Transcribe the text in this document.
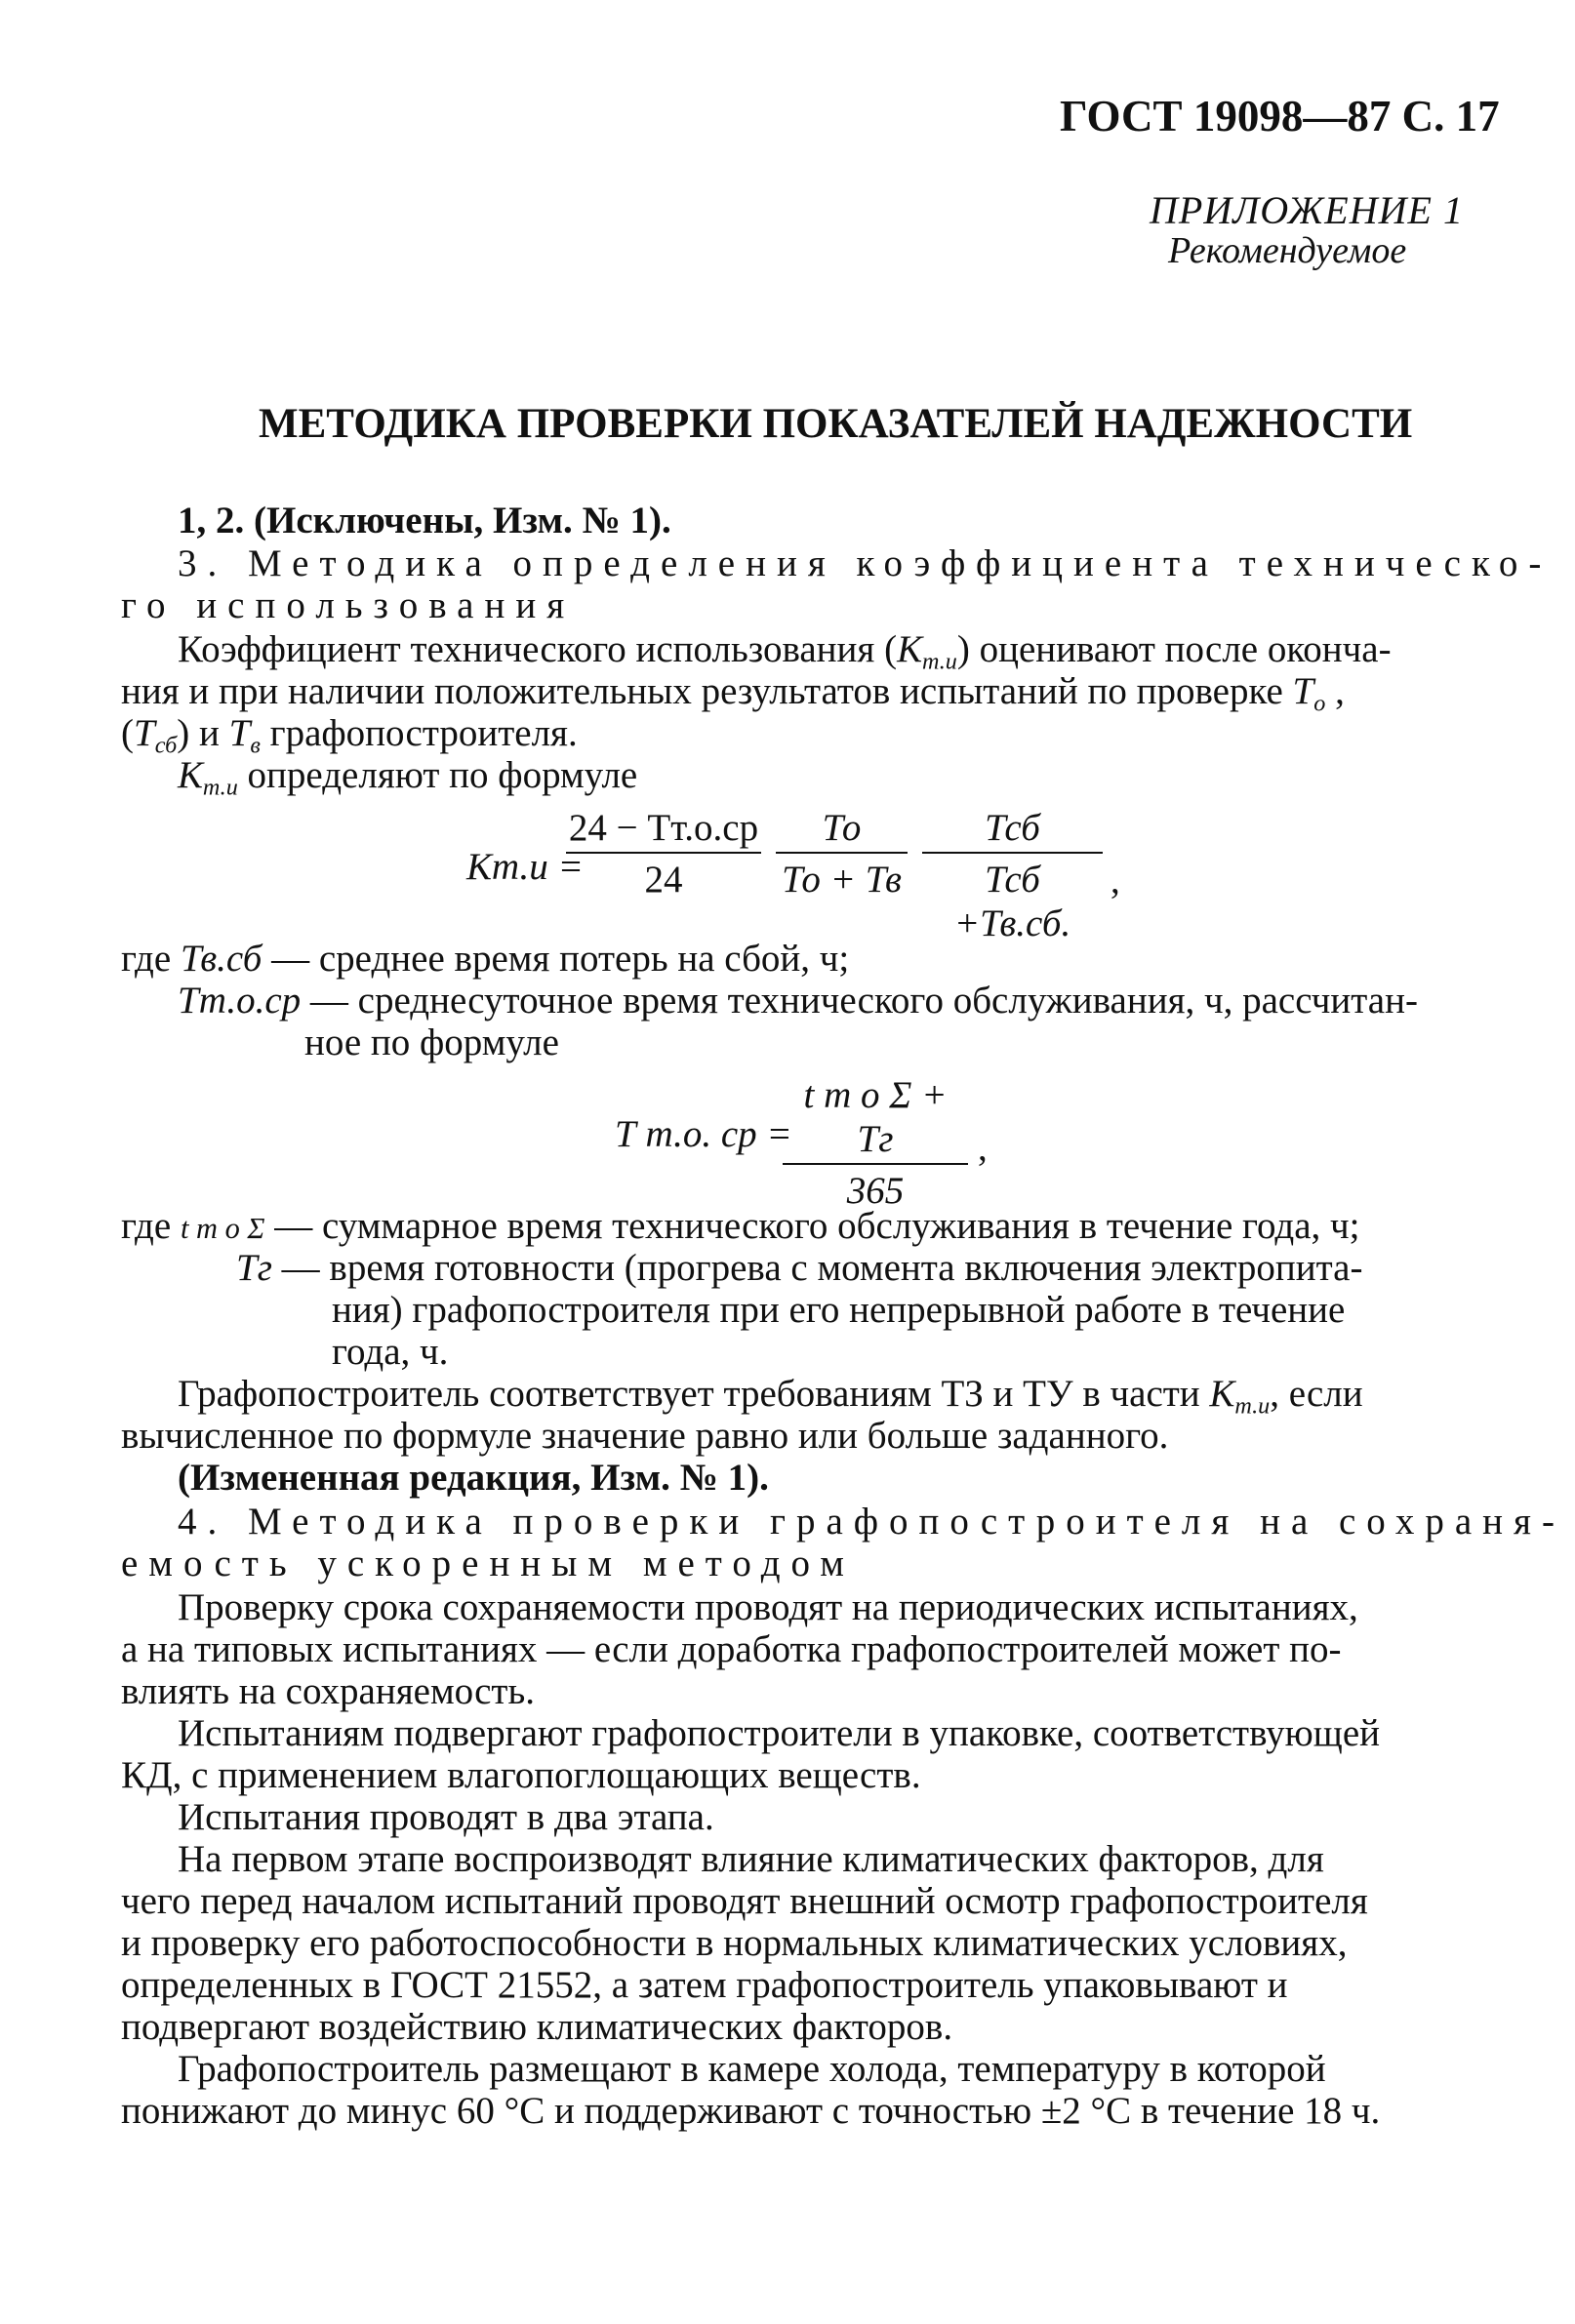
ГОСТ 19098—87 С. 17
ПРИЛОЖЕНИЕ 1
Рекомендуемое
МЕТОДИКА ПРОВЕРКИ ПОКАЗАТЕЛЕЙ НАДЕЖНОСТИ
1, 2. (Исключены, Изм. № 1).
3. Методика определения коэффициента техническо-
го использования
Коэффициент технического использования $(К_{т.и})$ оценивают после оконча-
ния и при наличии положительных результатов испытаний по проверке $Т_о$ ,
$(Т_{сб})$ и $Т_в$ графопостроителя.
$К_{т.и}$ определяют по формуле
Кт.и =
24 − Тт.о.ср
24
То
То + Тв
Тсб
Тсб +Тв.сб.
,
где Тв.сб — среднее время потерь на сбой, ч;
Тт.о.ср — среднесуточное время технического обслуживания, ч, рассчитан-
ное по формуле
Т т.о. ср =
t т о Σ + Тг
365
,
где t т о Σ — суммарное время технического обслуживания в течение года, ч;
Тг — время готовности (прогрева с момента включения электропита-
ния) графопостроителя при его непрерывной работе в течение
года, ч.
Графопостроитель соответствует требованиям ТЗ и ТУ в части $К_{т.и}$, если
вычисленное по формуле значение равно или больше заданного.
(Измененная редакция, Изм. № 1).
4. Методика проверки графопостроителя на сохраня-
емость ускоренным методом
Проверку срока сохраняемости проводят на периодических испытаниях,
а на типовых испытаниях — если доработка графопостроителей может по-
влиять на сохраняемость.
Испытаниям подвергают графопостроители в упаковке, соответствующей
КД, с применением влагопоглощающих веществ.
Испытания проводят в два этапа.
На первом этапе воспроизводят влияние климатических факторов, для
чего перед началом испытаний проводят внешний осмотр графопостроителя
и проверку его работоспособности в нормальных климатических условиях,
определенных в ГОСТ 21552, а затем графопостроитель упаковывают и
подвергают воздействию климатических факторов.
Графопостроитель размещают в камере холода, температуру в которой
понижают до минус 60 °С и поддерживают с точностью ±2 °С в течение 18 ч.
